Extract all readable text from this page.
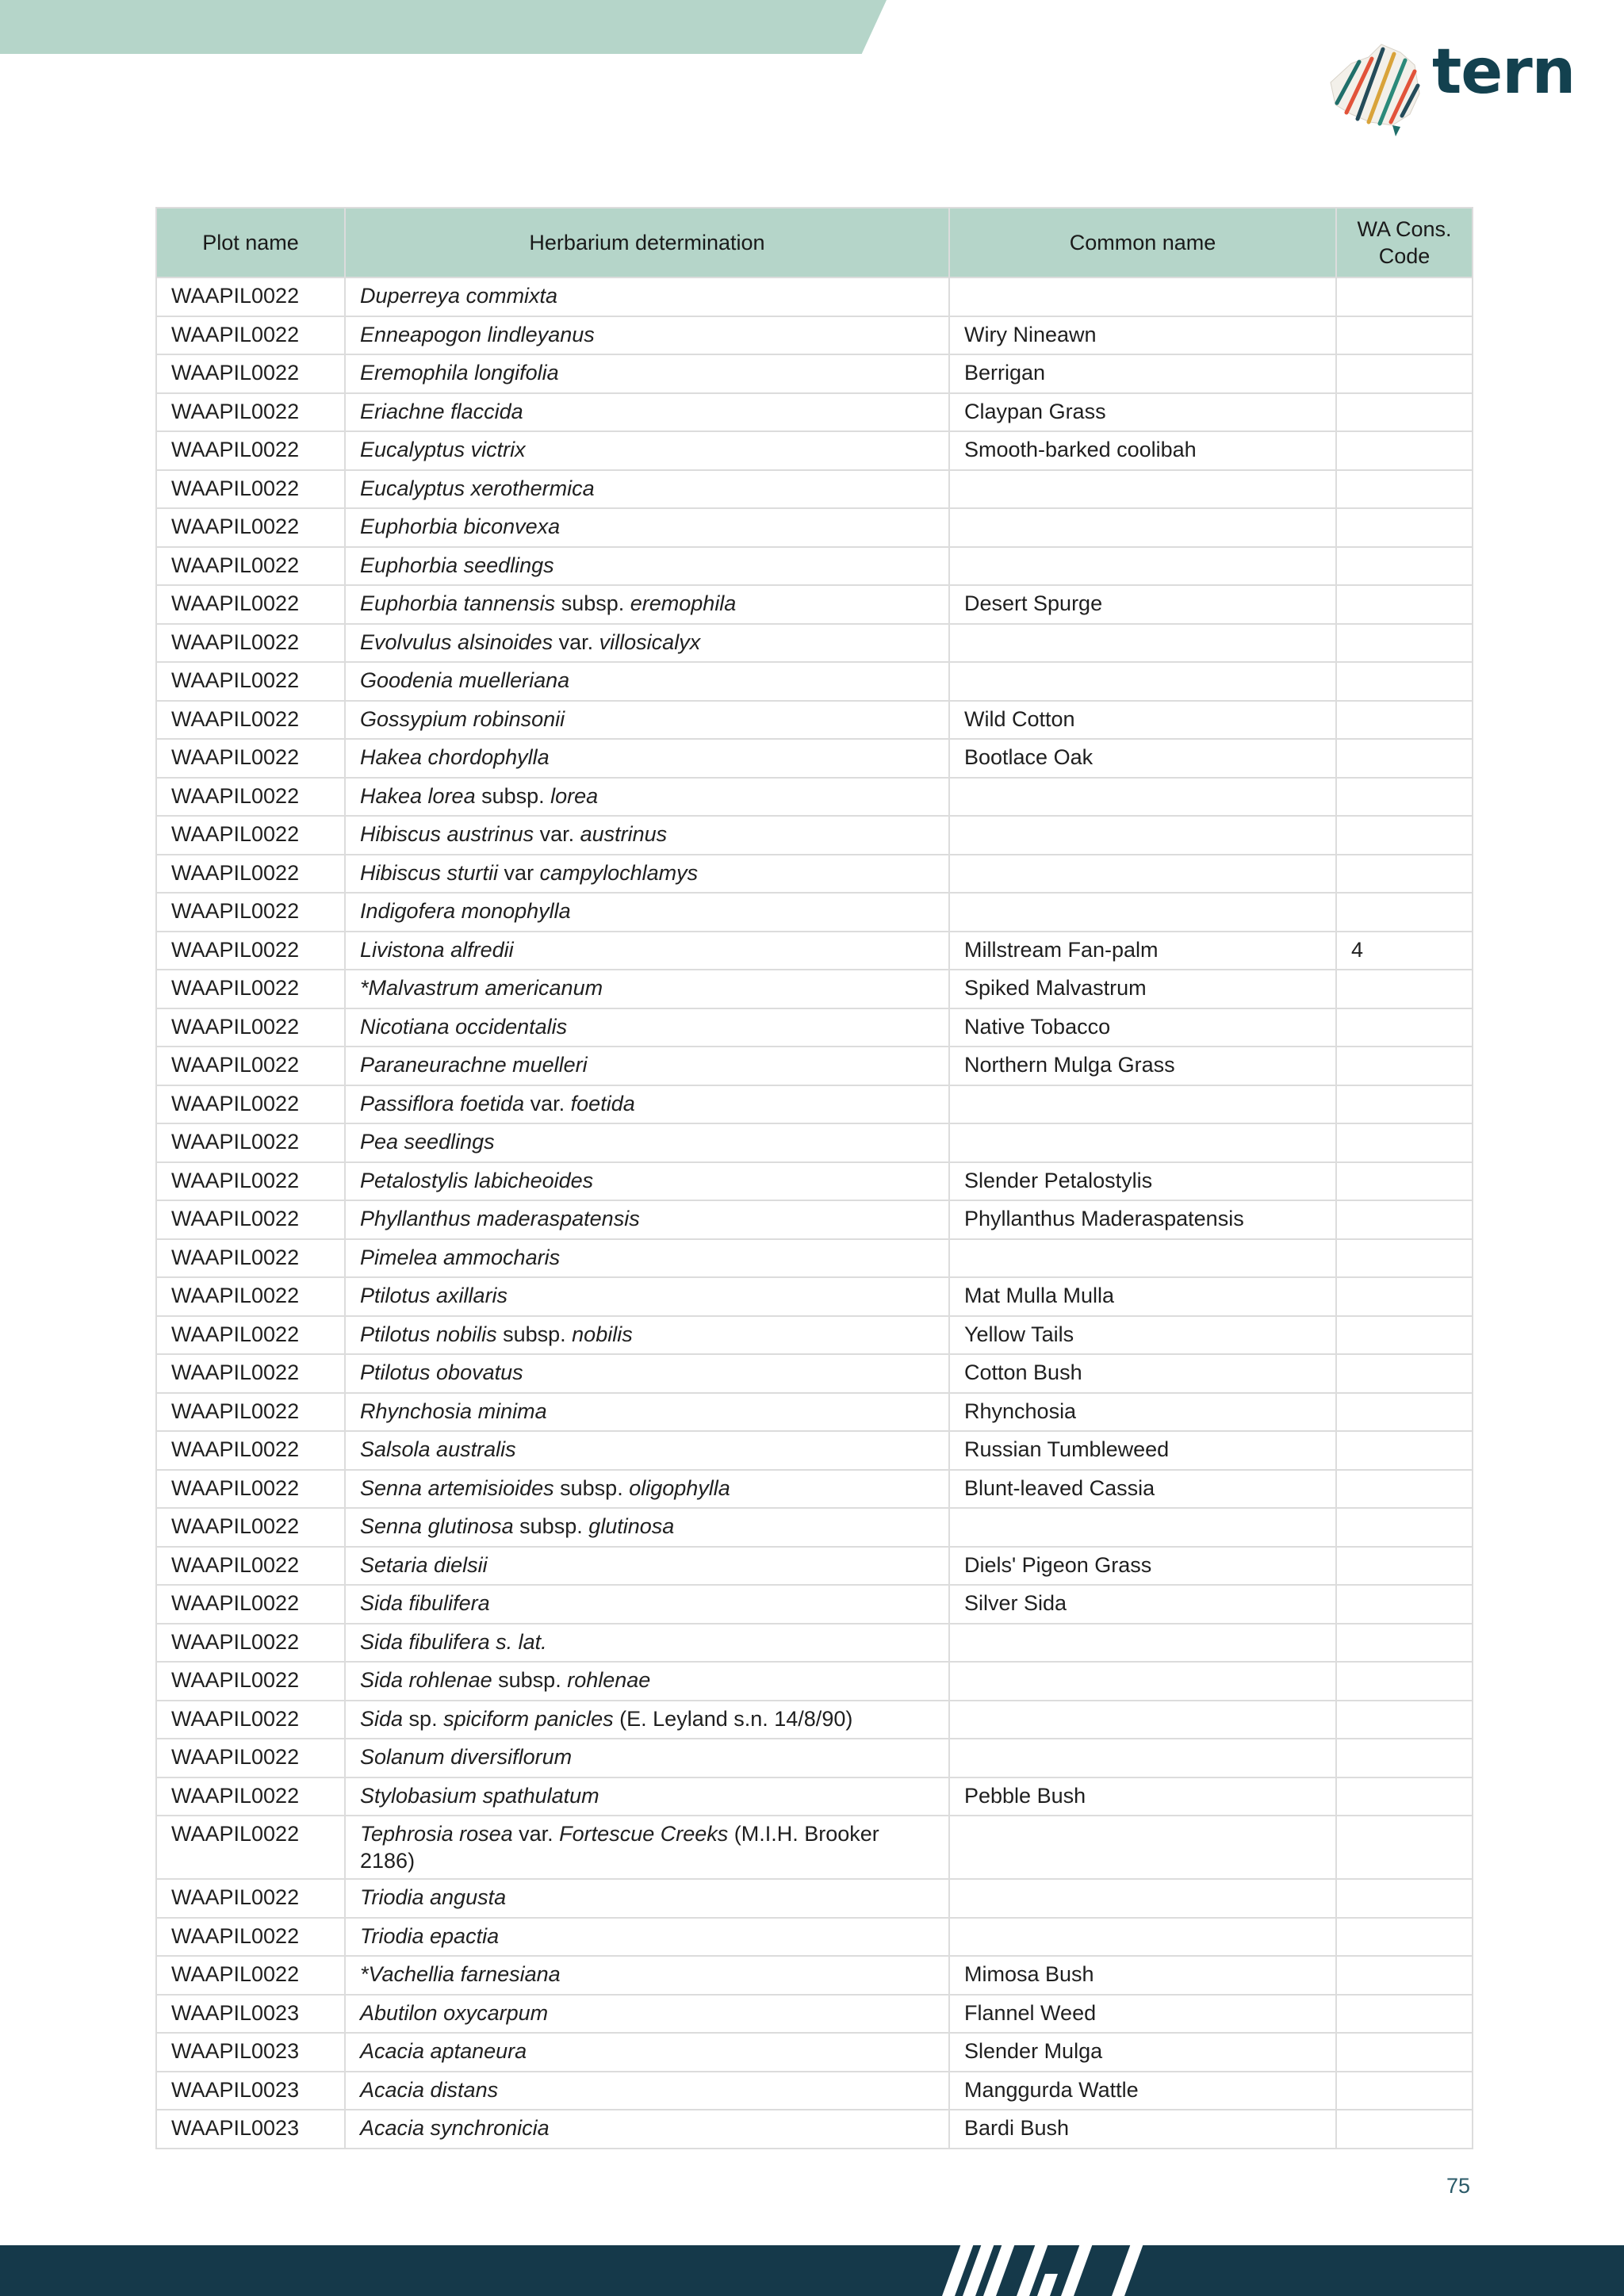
tern
Plot name	Herbarium determination	Common name	WA Cons. Code
WAAPIL0022	Duperreya commixta		
WAAPIL0022	Enneapogon lindleyanus	Wiry Nineawn	
WAAPIL0022	Eremophila longifolia	Berrigan	
WAAPIL0022	Eriachne flaccida	Claypan Grass	
WAAPIL0022	Eucalyptus victrix	Smooth-barked coolibah	
WAAPIL0022	Eucalyptus xerothermica		
WAAPIL0022	Euphorbia biconvexa		
WAAPIL0022	Euphorbia seedlings		
WAAPIL0022	Euphorbia tannensis subsp. eremophila	Desert Spurge	
WAAPIL0022	Evolvulus alsinoides var. villosicalyx		
WAAPIL0022	Goodenia muelleriana		
WAAPIL0022	Gossypium robinsonii	Wild Cotton	
WAAPIL0022	Hakea chordophylla	Bootlace Oak	
WAAPIL0022	Hakea lorea subsp. lorea		
WAAPIL0022	Hibiscus austrinus var. austrinus		
WAAPIL0022	Hibiscus sturtii var campylochlamys		
WAAPIL0022	Indigofera monophylla		
WAAPIL0022	Livistona alfredii	Millstream Fan-palm	4
WAAPIL0022	*Malvastrum americanum	Spiked Malvastrum	
WAAPIL0022	Nicotiana occidentalis	Native Tobacco	
WAAPIL0022	Paraneurachne muelleri	Northern Mulga Grass	
WAAPIL0022	Passiflora foetida var. foetida		
WAAPIL0022	Pea seedlings		
WAAPIL0022	Petalostylis labicheoides	Slender Petalostylis	
WAAPIL0022	Phyllanthus maderaspatensis	Phyllanthus Maderaspatensis	
WAAPIL0022	Pimelea ammocharis		
WAAPIL0022	Ptilotus axillaris	Mat Mulla Mulla	
WAAPIL0022	Ptilotus nobilis subsp. nobilis	Yellow Tails	
WAAPIL0022	Ptilotus obovatus	Cotton Bush	
WAAPIL0022	Rhynchosia minima	Rhynchosia	
WAAPIL0022	Salsola australis	Russian Tumbleweed	
WAAPIL0022	Senna artemisioides subsp. oligophylla	Blunt-leaved Cassia	
WAAPIL0022	Senna glutinosa subsp. glutinosa		
WAAPIL0022	Setaria dielsii	Diels' Pigeon Grass	
WAAPIL0022	Sida fibulifera	Silver Sida	
WAAPIL0022	Sida fibulifera s. lat.		
WAAPIL0022	Sida rohlenae subsp. rohlenae		
WAAPIL0022	Sida sp. spiciform panicles (E. Leyland s.n. 14/8/90)		
WAAPIL0022	Solanum diversiflorum		
WAAPIL0022	Stylobasium spathulatum	Pebble Bush	
WAAPIL0022	Tephrosia rosea var. Fortescue Creeks (M.I.H. Brooker 2186)		
WAAPIL0022	Triodia angusta		
WAAPIL0022	Triodia epactia		
WAAPIL0022	*Vachellia farnesiana	Mimosa Bush	
WAAPIL0023	Abutilon oxycarpum	Flannel Weed	
WAAPIL0023	Acacia aptaneura	Slender Mulga	
WAAPIL0023	Acacia distans	Manggurda Wattle	
WAAPIL0023	Acacia synchronicia	Bardi Bush	
75
